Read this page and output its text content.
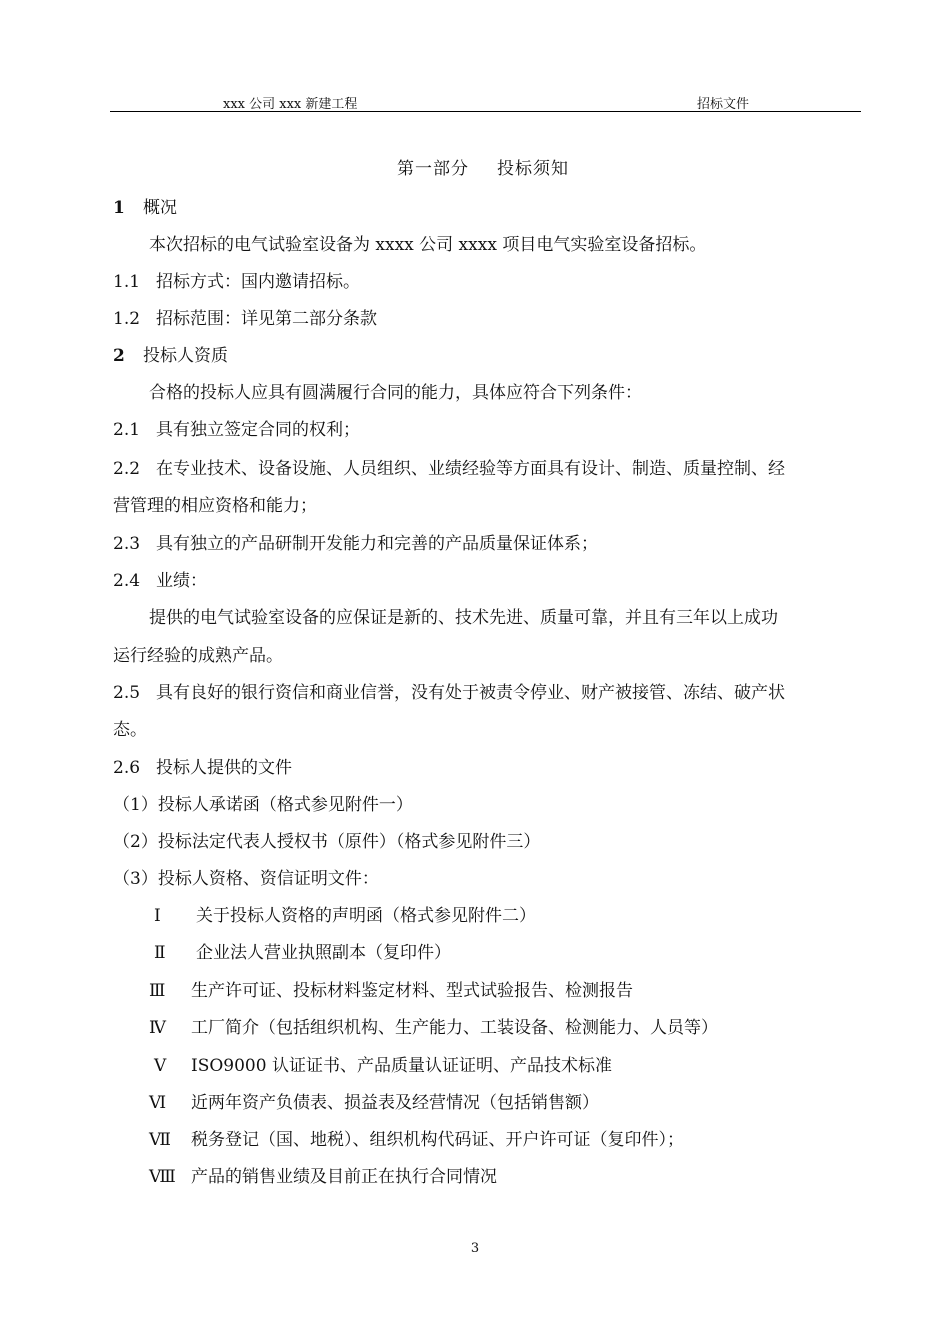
xxx 公司 xxx 新建工程	招标文件
第一部分 投标须知
1 概况
本次招标的电气试验室设备为 xxxx 公司 xxxx 项目电气实验室设备招标。
1.1 招标方式：国内邀请招标。
1.2 招标范围：详见第二部分条款
2 投标人资质
合格的投标人应具有圆满履行合同的能力，具体应符合下列条件：
2.1 具有独立签定合同的权利；
2.2 在专业技术、设备设施、人员组织、业绩经验等方面具有设计、制造、质量控制、经
营管理的相应资格和能力；
2.3 具有独立的产品研制开发能力和完善的产品质量保证体系；
2.4 业绩：
提供的电气试验室设备的应保证是新的、技术先进、质量可靠，并且有三年以上成功
运行经验的成熟产品。
2.5 具有良好的银行资信和商业信誉，没有处于被责令停业、财产被接管、冻结、破产状
态。
2.6 投标人提供的文件
（1）投标人承诺函（格式参见附件一）
（2）投标法定代表人授权书（原件）（格式参见附件三）
（3）投标人资格、资信证明文件：
Ⅰ 关于投标人资格的声明函（格式参见附件二）
Ⅱ 企业法人营业执照副本（复印件）
Ⅲ 生产许可证、投标材料鉴定材料、型式试验报告、检测报告
Ⅳ 工厂简介（包括组织机构、生产能力、工装设备、检测能力、人员等）
Ⅴ ISO9000 认证证书、产品质量认证证明、产品技术标准
Ⅵ 近两年资产负债表、损益表及经营情况（包括销售额）
Ⅶ 税务登记（国、地税）、组织机构代码证、开户许可证（复印件）；
Ⅷ 产品的销售业绩及目前正在执行合同情况
3
